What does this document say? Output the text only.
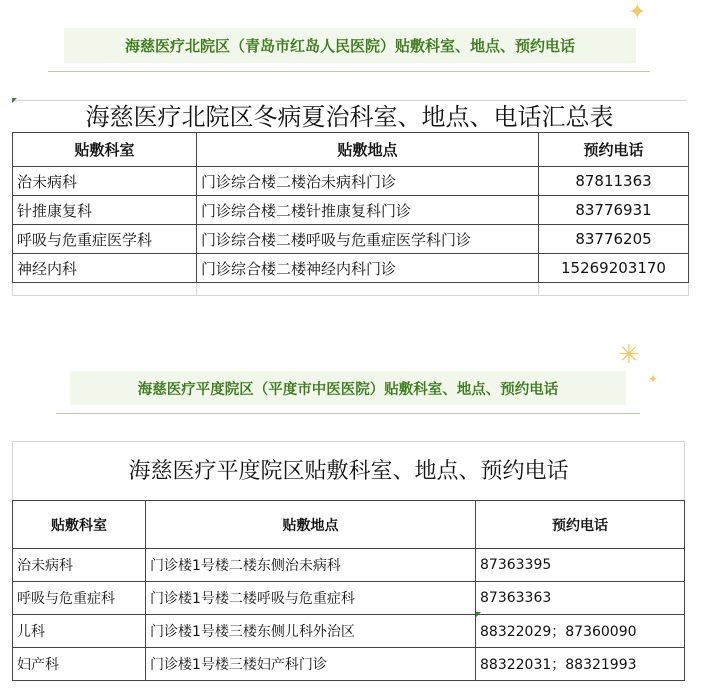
海慈医疗北院区（青岛市红岛人民医院）贴敷科室、地点、预约电话
✦
海慈医疗北院区冬病夏治科室、地点、电话汇总表
贴敷科室	贴敷地点	预约电话
治未病科	门诊综合楼二楼治未病科门诊	87811363
针推康复科	门诊综合楼二楼针推康复科门诊	83776931
呼吸与危重症医学科	门诊综合楼二楼呼吸与危重症医学科门诊	83776205
神经内科	门诊综合楼二楼神经内科门诊	15269203170

✳
✦
海慈医疗平度院区（平度市中医医院）贴敷科室、地点、预约电话
海慈医疗平度院区贴敷科室、地点、预约电话
贴敷科室	贴敷地点	预约电话
治未病科	门诊楼1号楼二楼东侧治未病科	87363395
呼吸与危重症科	门诊楼1号楼二楼呼吸与危重症科	87363363
儿科	门诊楼1号楼三楼东侧儿科外治区	88322029；87360090
妇产科	门诊楼1号楼三楼妇产科门诊	88322031；88321993
